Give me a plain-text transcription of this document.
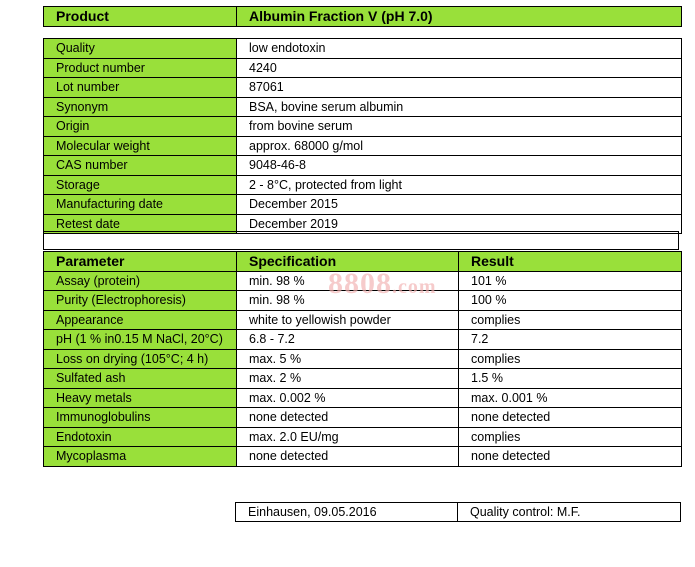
Product	Albumin Fraction V (pH 7.0)
Quality	low endotoxin
Product number	4240
Lot number	87061
Synonym	BSA, bovine serum albumin
Origin	from bovine serum
Molecular weight	approx. 68000 g/mol
CAS number	9048-46-8
Storage	2 - 8°C, protected from light
Manufacturing date	December 2015
Retest date	December 2019
Parameter	Specification	Result
Assay (protein)	min. 98 %	101 %
Purity (Electrophoresis)	min. 98 %	100 %
Appearance	white to yellowish powder	complies
pH (1 % in0.15 M NaCl, 20°C)	6.8 - 7.2	7.2
Loss on drying (105°C; 4 h)	max. 5 %	complies
Sulfated ash	max. 2 %	1.5 %
Heavy metals	max. 0.002 %	max. 0.001 %
Immunoglobulins	none detected	none detected
Endotoxin	max. 2.0 EU/mg	complies
Mycoplasma	none detected	none detected
Einhausen, 09.05.2016	Quality control: M.F.
8808.com
